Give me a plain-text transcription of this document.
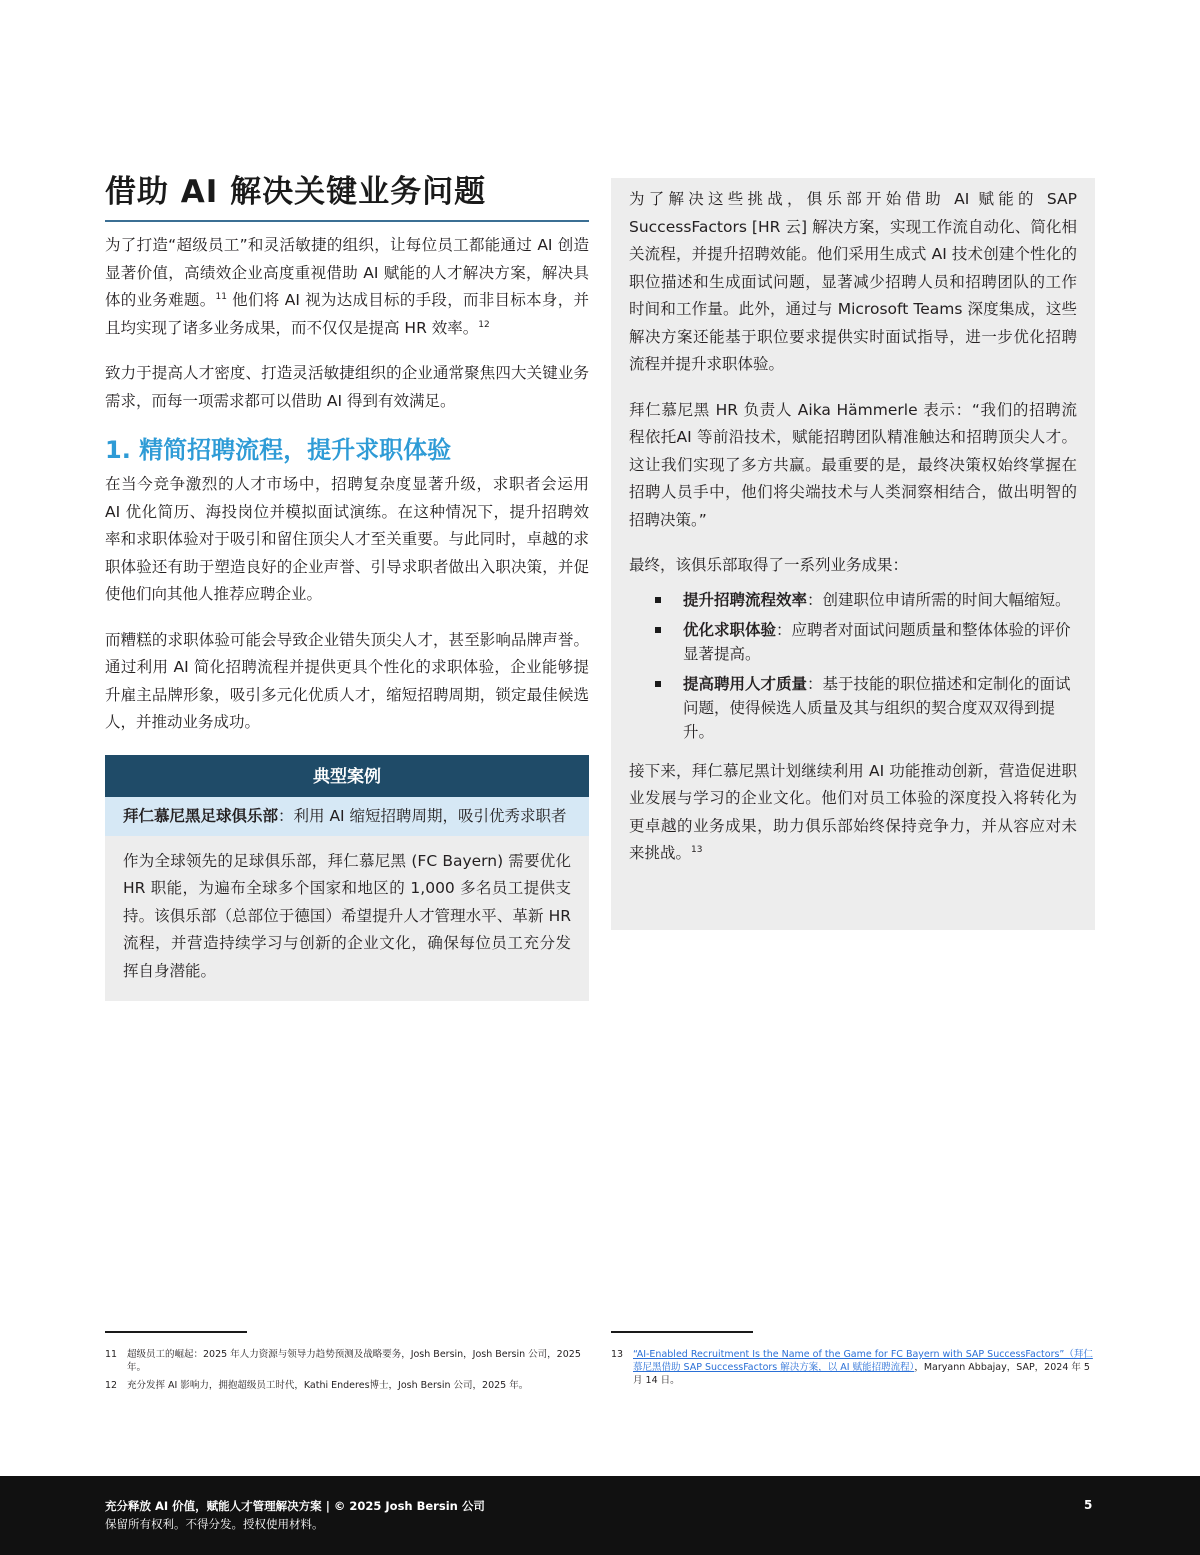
借助 AI 解决关键业务问题

为了打造“超级员工”和灵活敏捷的组织，让每位员工都能通过 AI 创造显著价值，高绩效企业高度重视借助 AI 赋能的人才解决方案，解决具体的业务难题。$^{11}$ 他们将 AI 视为达成目标的手段，而非目标本身，并且均实现了诸多业务成果，而不仅仅是提高 HR 效率。$^{12}$

致力于提高人才密度、打造灵活敏捷组织的企业通常聚焦四大关键业务需求，而每一项需求都可以借助 AI 得到有效满足。

1. 精简招聘流程，提升求职体验

在当今竞争激烈的人才市场中，招聘复杂度显著升级，求职者会运用 AI 优化简历、海投岗位并模拟面试演练。在这种情况下，提升招聘效率和求职体验对于吸引和留住顶尖人才至关重要。与此同时，卓越的求职体验还有助于塑造良好的企业声誉、引导求职者做出入职决策，并促使他们向其他人推荐应聘企业。

而糟糕的求职体验可能会导致企业错失顶尖人才，甚至影响品牌声誉。通过利用 AI 简化招聘流程并提供更具个性化的求职体验，企业能够提升雇主品牌形象，吸引多元化优质人才，缩短招聘周期，锁定最佳候选人，并推动业务成功。

典型案例
拜仁慕尼黑足球俱乐部：利用 AI 缩短招聘周期，吸引优秀求职者

作为全球领先的足球俱乐部，拜仁慕尼黑 (FC Bayern) 需要优化 HR 职能，为遍布全球多个国家和地区的 1,000 多名员工提供支持。该俱乐部（总部位于德国）希望提升人才管理水平、革新 HR 流程，并营造持续学习与创新的企业文化，确保每位员工充分发挥自身潜能。

为了解决这些挑战，俱乐部开始借助 AI 赋能的 SAP SuccessFactors [HR 云] 解决方案，实现工作流自动化、简化相关流程，并提升招聘效能。他们采用生成式 AI 技术创建个性化的职位描述和生成面试问题，显著减少招聘人员和招聘团队的工作时间和工作量。此外，通过与 Microsoft Teams 深度集成，这些解决方案还能基于职位要求提供实时面试指导，进一步优化招聘流程并提升求职体验。

拜仁慕尼黑 HR 负责人 Aika Hämmerle 表示：“我们的招聘流程依托AI 等前沿技术，赋能招聘团队精准触达和招聘顶尖人才。这让我们实现了多方共赢。最重要的是，最终决策权始终掌握在招聘人员手中，他们将尖端技术与人类洞察相结合，做出明智的招聘决策。”

最终，该俱乐部取得了一系列业务成果：

提升招聘流程效率：创建职位申请所需的时间大幅缩短。
优化求职体验：应聘者对面试问题质量和整体体验的评价显著提高。
提高聘用人才质量：基于技能的职位描述和定制化的面试问题，使得候选人质量及其与组织的契合度双双得到提升。

接下来，拜仁慕尼黑计划继续利用 AI 功能推动创新，营造促进职业发展与学习的企业文化。他们对员工体验的深度投入将转化为更卓越的业务成果，助力俱乐部始终保持竞争力，并从容应对未来挑战。$^{13}$

11	超级员工的崛起：2025 年人力资源与领导力趋势预测及战略要务，Josh Bersin，Josh Bersin 公司，2025 年。
12	充分发挥 AI 影响力，拥抱超级员工时代，Kathi Enderes博士，Josh Bersin 公司，2025 年。
13	“AI-Enabled Recruitment Is the Name of the Game for FC Bayern with SAP SuccessFactors”（拜仁慕尼黑借助 SAP SuccessFactors 解决方案，以 AI 赋能招聘流程），Maryann Abbajay，SAP，2024 年 5 月 14 日。
充分释放 AI 价值，赋能人才管理解决方案 | © 2025 Josh Bersin 公司
保留所有权利。不得分发。授权使用材料。
5
